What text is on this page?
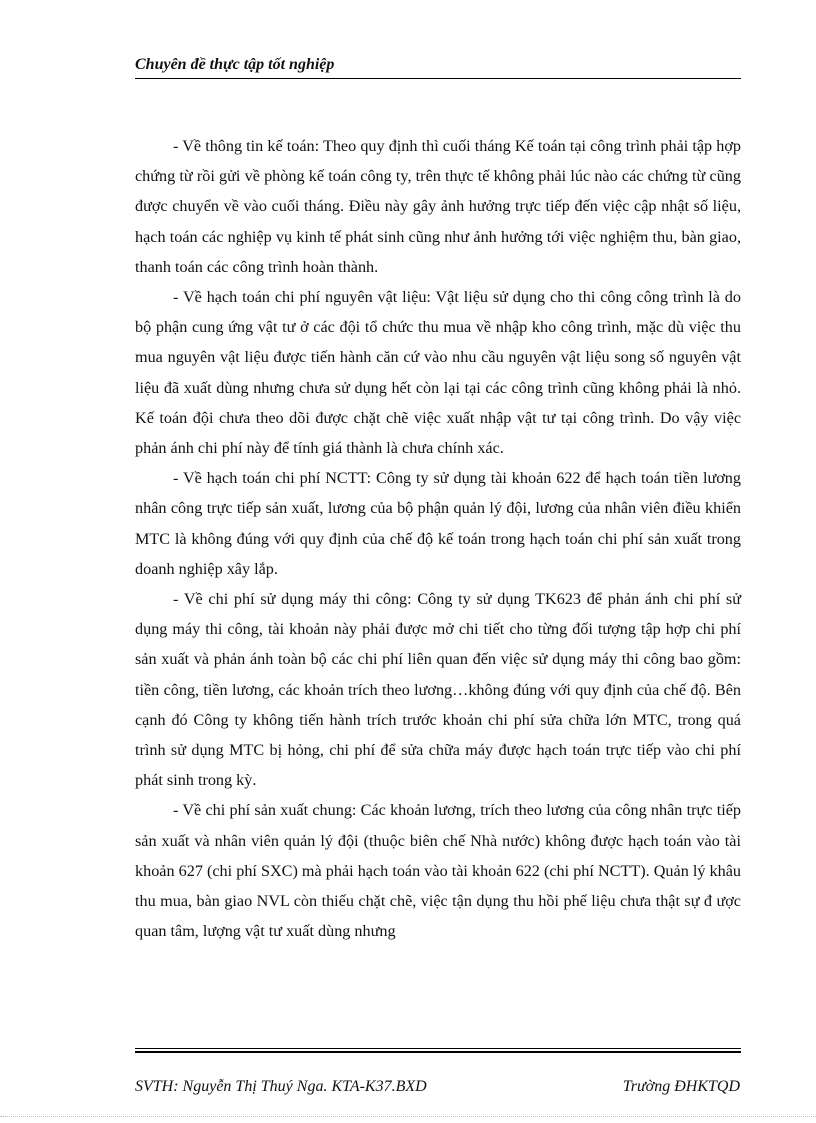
Chuyên đề thực tập tốt nghiệp

- Về thông tin kế toán: Theo quy định thì cuối tháng Kế toán tại công trình phải tập hợp chứng từ rồi gửi về phòng kế toán công ty, trên thực tế không phải lúc nào các chứng từ cũng được chuyển về vào cuối tháng. Điều này gây ảnh hưởng trực tiếp đến việc cập nhật số liệu, hạch toán các nghiệp vụ kinh tế phát sinh cũng như ảnh hưởng tới việc nghiệm thu, bàn giao, thanh toán các công trình hoàn thành.

- Về hạch toán chi phí nguyên vật liệu: Vật liệu sử dụng cho thi công công trình là do bộ phận cung ứng vật tư ở các đội tổ chức thu mua về nhập kho công trình, mặc dù việc thu mua nguyên vật liệu được tiến hành căn cứ vào nhu cầu nguyên vật liệu song số nguyên vật liệu đã xuất dùng nhưng chưa sử dụng hết còn lại tại các công trình cũng không phải là nhỏ. Kế toán đội chưa theo dõi được chặt chẽ việc xuất nhập vật tư tại công trình. Do vậy việc phản ánh chi phí này để tính giá thành là chưa chính xác.

- Về hạch toán chi phí NCTT: Công ty sử dụng tài khoản 622 để hạch toán tiền lương nhân công trực tiếp sản xuất, lương của bộ phận quản lý đội, lương của nhân viên điều khiển MTC là không đúng với quy định của chế độ kế toán trong hạch toán chi phí sản xuất trong doanh nghiệp xây lắp.

- Về chi phí sử dụng máy thi công: Công ty sử dụng TK623 để phản ánh chi phí sử dụng máy thi công, tài khoản này phải được mở chi tiết cho từng đối tượng tập hợp chi phí sản xuất và phản ánh toàn bộ các chi phí liên quan đến việc sử dụng máy thi công bao gồm: tiền công, tiền lương, các khoản trích theo lương…không đúng với quy định của chế độ. Bên cạnh đó Công ty không tiến hành trích trước khoản chi phí sửa chữa lớn MTC, trong quá trình sử dụng MTC bị hỏng, chi phí để sửa chữa máy được hạch toán trực tiếp vào chi phí phát sinh trong kỳ.

- Về chi phí sản xuất chung: Các khoản lương, trích theo lương của công nhân trực tiếp sản xuất và nhân viên quản lý đội (thuộc biên chế Nhà nước) không được hạch toán vào tài khoản 627 (chi phí SXC) mà phải hạch toán vào tài khoản 622 (chi phí NCTT). Quản lý khâu thu mua, bàn giao NVL còn thiếu chặt chẽ, việc tận dụng thu hồi phế liệu chưa thật sự đ ược quan tâm, lượng vật tư xuất dùng nhưng

SVTH: Nguyễn Thị Thuý Nga. KTA-K37.BXD	Trường ĐHKTQD
